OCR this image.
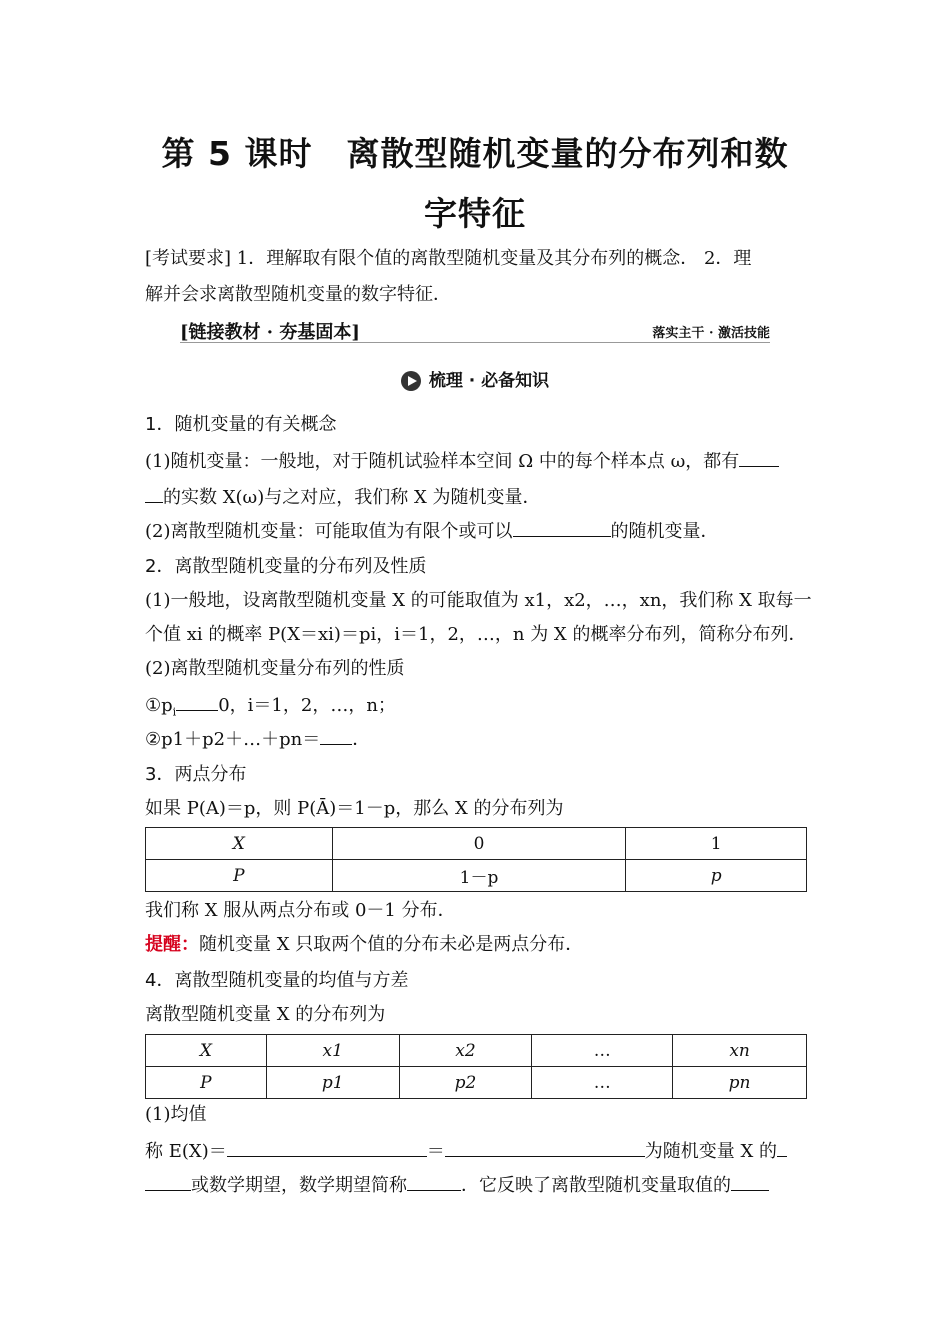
第 5 课时　离散型随机变量的分布列和数
字特征
[考试要求] 1．理解取有限个值的离散型随机变量及其分布列的概念． 2．理
解并会求离散型随机变量的数字特征．
[链接教材 · 夯基固本]	落实主干 · 激活技能
梳理 · 必备知识
1．随机变量的有关概念
(1)随机变量：一般地，对于随机试验样本空间 Ω 中的每个样本点 ω，都有
的实数 X(ω)与之对应，我们称 X 为随机变量．
(2)离散型随机变量：可能取值为有限个或可以	的随机变量．
2．离散型随机变量的分布列及性质
(1)一般地，设离散型随机变量 X 的可能取值为 x1，x2，…，xn，我们称 X 取每一
个值 xi 的概率 P(X＝xi)＝pi，i＝1，2，…，n 为 X 的概率分布列，简称分布列．
(2)离散型随机变量分布列的性质
$①p_i$ 0，i＝1，2，…，n；
②p1＋p2＋…＋pn＝ ．
3．两点分布
如果 P(A)＝p，则 P(Ā)＝1－p，那么 X 的分布列为
X	0	1
P	1－p	p
我们称 X 服从两点分布或 0－1 分布．
提醒：随机变量 X 只取两个值的分布未必是两点分布．
4．离散型随机变量的均值与方差
离散型随机变量 X 的分布列为
X	x1	x2	…	xn
P	p1	p2	…	pn
(1)均值
称 E(X)＝	＝	为随机变量 X 的
或数学期望，数学期望简称	．它反映了离散型随机变量取值的
